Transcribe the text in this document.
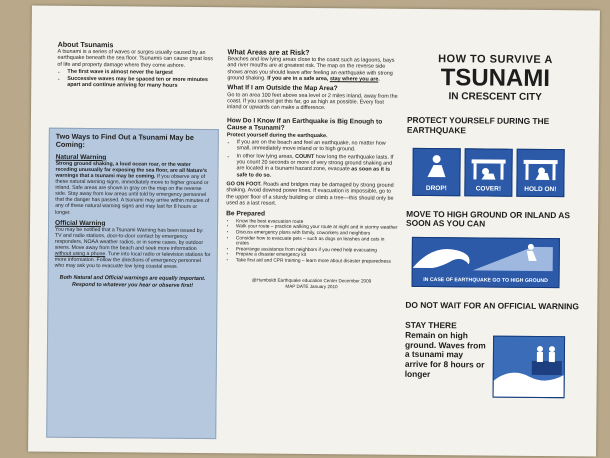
About Tsunamis

A tsunami is a series of waves or surges usually caused by an earthquake beneath the sea floor. Tsunamis can cause great loss of life and property damage where they come ashore.

• The first wave is almost never the largest
• Successive waves may be spaced ten or more minutes apart and continue arriving for many hours

Two Ways to Find Out a Tsunami May be Coming:

Natural Warning

Strong ground shaking, a loud ocean roar, or the water receding unusually far exposing the sea floor, are all Nature's warnings that a tsunami may be coming. If you observe any of these natural warning signs, immediately move to higher ground or inland. Safe areas are shown in gray on the map on the reverse side. Stay away from low areas until told by emergency personnel that the danger has passed. A tsunami may arrive within minutes of any of these natural warning signs and may last for 8 hours or longer.

Official Warning

You may be notified that a Tsunami Warning has been issued by: TV and radio stations, door-to-door contact by emergency responders, NOAA weather radios, or in some cases, by outdoor sirens. Move away from the beach and seek more information without using a phone. Tune into local radio or television stations for more information. Follow the directions of emergency personnel who may ask you to evacuate low lying coastal areas.

Both Natural and Official warnings are equally important. Respond to whatever you hear or observe first!

What Areas are at Risk?

Beaches and low lying areas close to the coast such as lagoons, bays and river mouths are at greatest risk. The map on the reverse side shows areas you should leave after feeling an earthquake with strong ground shaking. If you are in a safe area, stay where you are.

What If I am Outside the Map Area?

Go to an area 100 feet above sea level or 2 miles inland, away from the coast. If you cannot get this far, go as high as possible. Every foot inland or upwards can make a difference.

How Do I Know If an Earthquake is Big Enough to Cause a Tsunami?

Protect yourself during the earthquake.

• If you are on the beach and feel an earthquake, no matter how small, immediately move inland or to high ground.
• In other low lying areas, COUNT how long the earthquake lasts. If you count 20 seconds or more of very strong ground shaking and are located in a tsunami hazard zone, evacuate as soon as it is safe to do so.

GO ON FOOT. Roads and bridges may be damaged by strong ground shaking. Avoid downed power lines. If evacuation is impossible, go to the upper floor of a sturdy building or climb a tree—this should only be used as a last resort.

Be Prepared

• Know the best evacuation route
• Walk your route – practice walking your route at night and in stormy weather
• Discuss emergency plans with family, coworkers and neighbors
• Consider how to evacuate pets – such as dogs on leashes and cats in crates
• Prearrange assistance from neighbors if you need help evacuating
• Prepare a disaster emergency kit
• Take first aid and CPR training – learn more about disaster preparedness

@Humboldt Earthquake education Center December 2009

MAP DATE January 2010

HOW TO SURVIVE A

TSUNAMI

IN CRESCENT CITY

PROTECT YOURSELF DURING THE EARTHQUAKE

DROP!	COVER!	HOLD ON!

MOVE TO HIGH GROUND OR INLAND AS SOON AS YOU CAN

IN CASE OF EARTHQUAKE GO TO HIGH GROUND

DO NOT WAIT FOR AN OFFICIAL WARNING

STAY THERE Remain on high ground. Waves from a tsunami may arrive for 8 hours or longer
